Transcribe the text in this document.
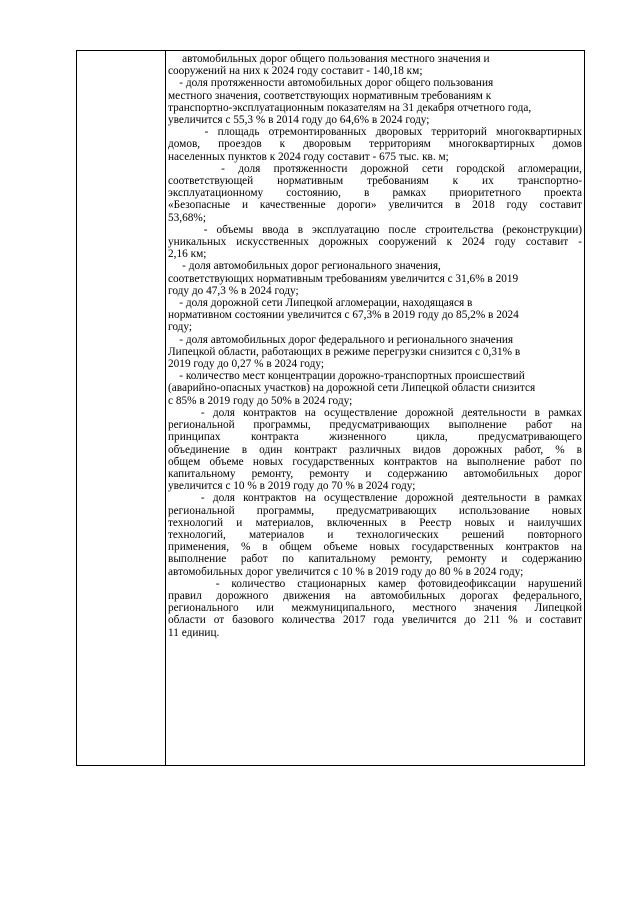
автомобильных дорог общего пользования местного значения и
сооружений на них к 2024 году составит - 140,18 км;
- доля протяженности автомобильных дорог общего пользования
местного значения, соответствующих нормативным требованиям к
транспортно-эксплуатационным показателям на 31 декабря отчетного года,
увеличится с 55,3 % в 2014 году до 64,6% в 2024 году;
- площадь отремонтированных дворовых территорий многоквартирных
домов, проездов к дворовым территориям многоквартирных домов
населенных пунктов к 2024 году составит - 675 тыс. кв. м;
- доля протяженности дорожной сети городской агломерации,
соответствующей нормативным требованиям к их транспортно-
эксплуатационному состоянию, в рамках приоритетного проекта
«Безопасные и качественные дороги» увеличится в 2018 году составит
53,68%;
- объемы ввода в эксплуатацию после строительства (реконструкции)
уникальных искусственных дорожных сооружений к 2024 году составит -
2,16 км;
- доля автомобильных дорог регионального значения,
соответствующих нормативным требованиям увеличится с 31,6% в 2019
году до 47,3 % в 2024 году;
- доля дорожной сети Липецкой агломерации, находящаяся в
нормативном состоянии увеличится с 67,3% в 2019 году до 85,2% в 2024
году;
- доля автомобильных дорог федерального и регионального значения
Липецкой области, работающих в режиме перегрузки снизится с 0,31% в
2019 году до 0,27 % в 2024 году;
- количество мест концентрации дорожно-транспортных происшествий
(аварийно-опасных участков) на дорожной сети Липецкой области снизится
с 85% в 2019 году до 50% в 2024 году;
- доля контрактов на осуществление дорожной деятельности в рамках
региональной программы, предусматривающих выполнение работ на
принципах контракта жизненного цикла, предусматривающего
объединение в один контракт различных видов дорожных работ, % в
общем объеме новых государственных контрактов на выполнение работ по
капитальному ремонту, ремонту и содержанию автомобильных дорог
увеличится с 10 % в 2019 году до 70 % в 2024 году;
- доля контрактов на осуществление дорожной деятельности в рамках
региональной программы, предусматривающих использование новых
технологий и материалов, включенных в Реестр новых и наилучших
технологий, материалов и технологических решений повторного
применения, % в общем объеме новых государственных контрактов на
выполнение работ по капитальному ремонту, ремонту и содержанию
автомобильных дорог увеличится с 10 % в 2019 году до 80 % в 2024 году;
- количество стационарных камер фотовидеофиксации нарушений
правил дорожного движения на автомобильных дорогах федерального,
регионального или межмуниципального, местного значения Липецкой
области от базового количества 2017 года увеличится до 211 % и составит
11 единиц.
